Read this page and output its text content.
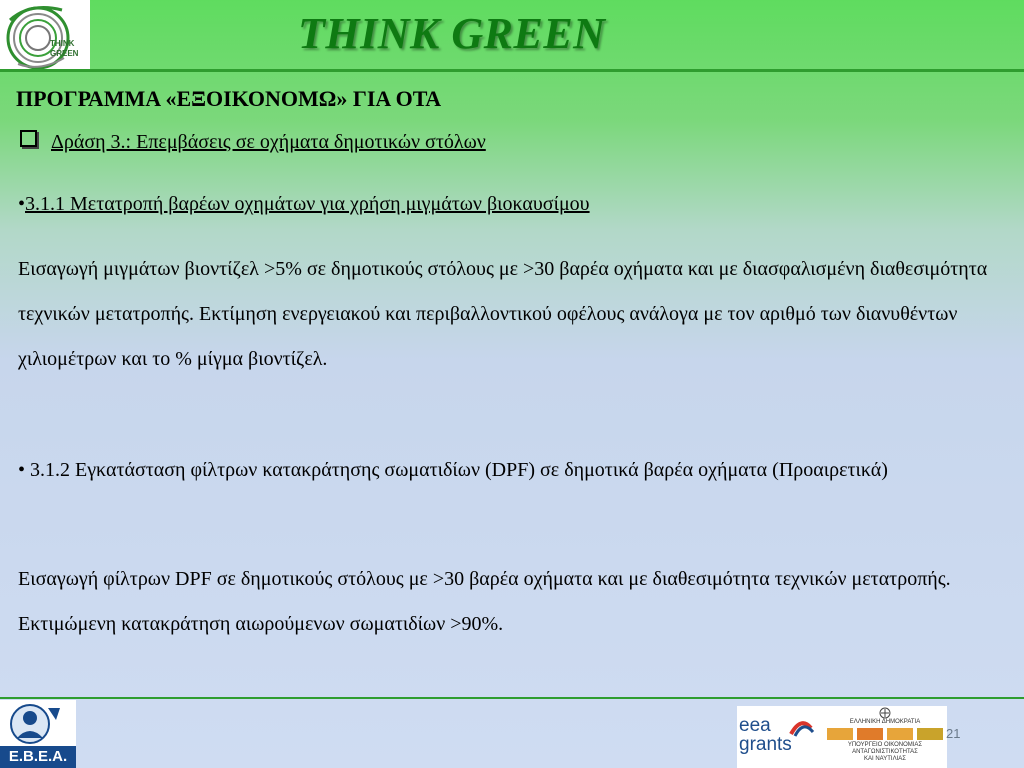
THINK
GREEN	THINK GREEN
ΠΡΟΓΡΑΜΜΑ «ΕΞΟΙΚΟΝΟΜΩ» ΓΙΑ ΟΤΑ
Δράση 3.: Επεμβάσεις σε οχήματα δημοτικών στόλων
•3.1.1 Μετατροπή βαρέων οχημάτων για χρήση μιγμάτων βιοκαυσίμου
Εισαγωγή μιγμάτων βιοντίζελ >5% σε δημοτικούς στόλους με >30 βαρέα οχήματα και με διασφαλισμένη διαθεσιμότητα τεχνικών μετατροπής. Εκτίμηση ενεργειακού και περιβαλλοντικού οφέλους ανάλογα με τον αριθμό των διανυθέντων χιλιομέτρων και το % μίγμα βιοντίζελ.
• 3.1.2 Εγκατάσταση φίλτρων κατακράτησης σωματιδίων (DPF) σε δημοτικά βαρέα οχήματα (Προαιρετικά)
Εισαγωγή φίλτρων DPF σε δημοτικούς στόλους με >30 βαρέα οχήματα και με διαθεσιμότητα τεχνικών μετατροπής. Εκτιμώμενη κατακράτηση αιωρούμενων σωματιδίων >90%.
Ε.Β.Ε.Α.
eea
grants
ΕΛΛΗΝΙΚΗ ΔΗΜΟΚΡΑΤΙΑ
ΥΠΟΥΡΓΕΙΟ ΟΙΚΟΝΟΜΙΑΣ
ΑΝΤΑΓΩΝΙΣΤΙΚΟΤΗΤΑΣ
ΚΑΙ ΝΑΥΤΙΛΙΑΣ
21
